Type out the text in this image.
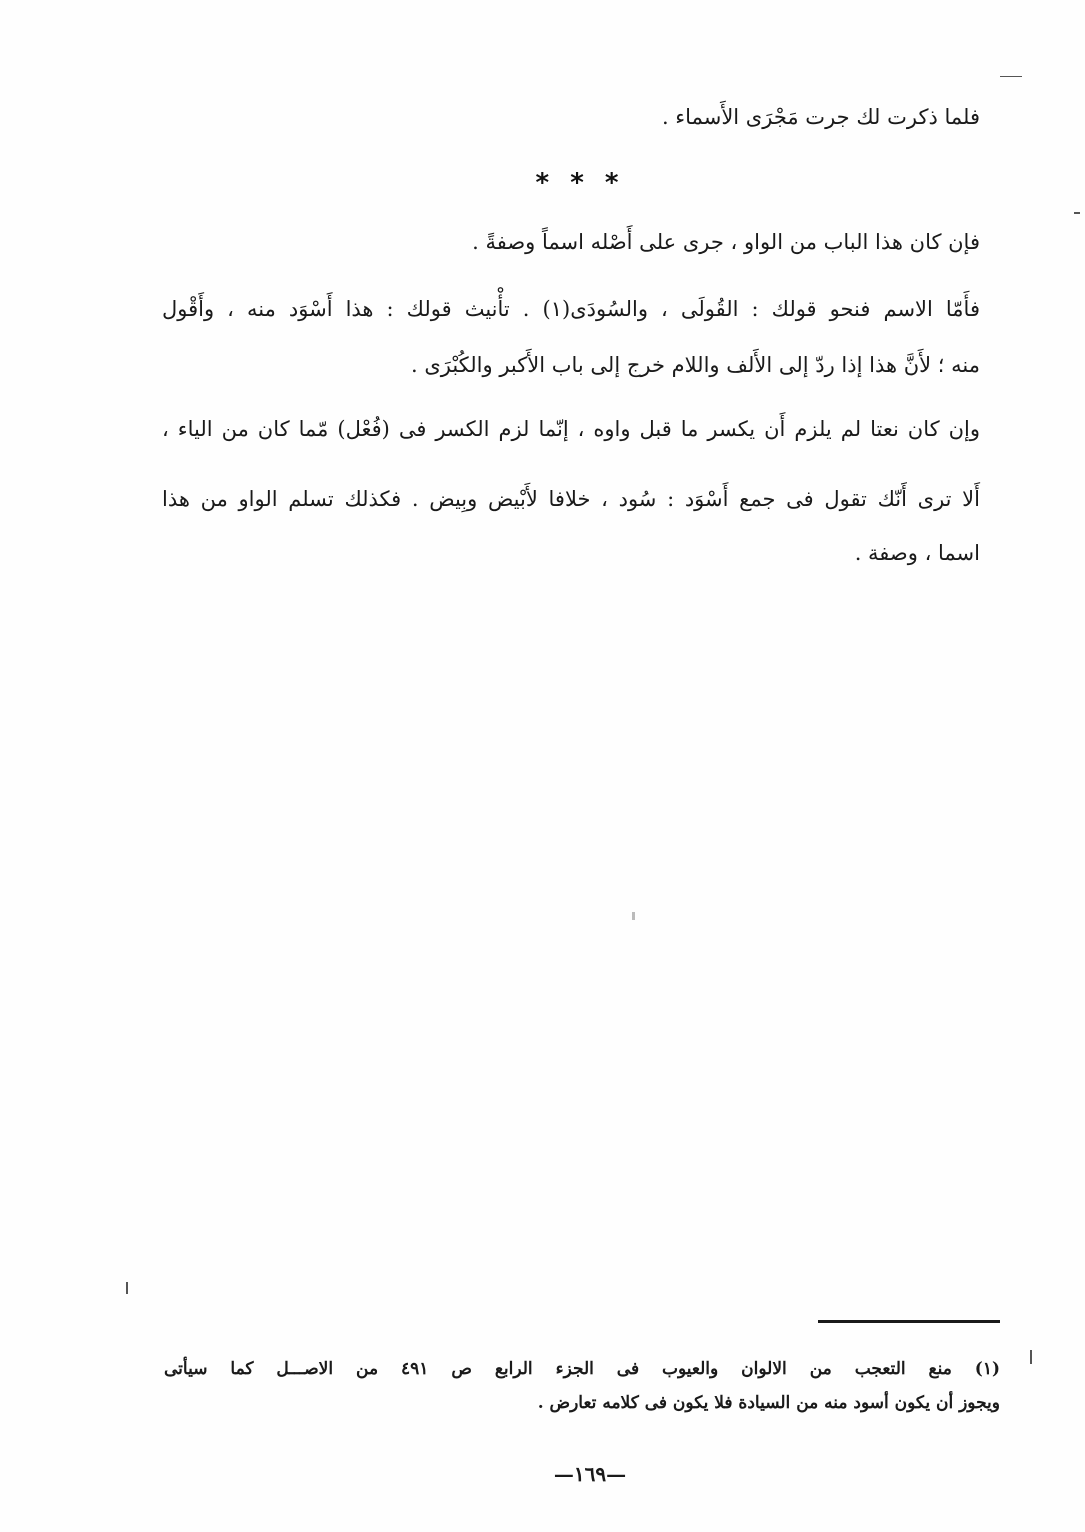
فلما ذكرت لك جرت مَجْرَى الأَسماء .
* * *
فإن كان هذا الباب من الواو ، جرى على أَصْله اسماً وصفةً .
فأَمّا الاسم فنحو قولك : القُولَى ، والسُودَى(١) . تأْنيث قولك : هذا أَسْوَد منه ، وأَقْول
منه ؛ لأَنَّ هذا إذا ردّ إلى الأَلف واللام خرج إلى باب الأَكبر والكُبْرَى .
وإن كان نعتا لم يلزم أَن يكسر ما قبل واوه ، إنّما لزم الكسر فى (فُعْل) مّما كان من الياء ،
أَلا ترى أَنّك تقول فى جمع أَسْوَد : سُود ، خلافا لأَبْيض وبِيض . فكذلك تسلم الواو من هذا
اسما ، وصفة .
(١) منع التعجب من الالوان والعيوب فى الجزء الرابع ص ٤٩١ من الاصـــل كما سيأتى
ويجوز أن يكون أسود منه من السيادة فلا يكون فى كلامه تعارض .
—١٦٩—
